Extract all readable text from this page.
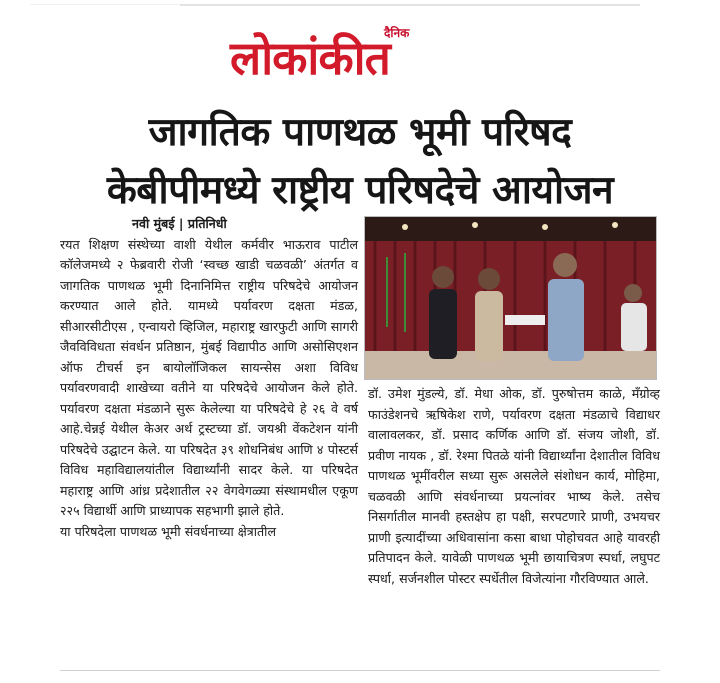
दैनिक
लोकांकीत
जागतिक पाणथळ भूमी परिषद
केबीपीमध्ये राष्ट्रीय परिषदेचे आयोजन
नवी मुंबई | प्रतिनिधी
रयत शिक्षण संस्थेच्या वाशी येथील कर्मवीर भाऊराव पाटील कॉलेजमध्ये २ फेब्रवारी रोजी ‘स्वच्छ खाडी चळवळी’ अंतर्गत व जागतिक पाणथळ भूमी दिनानिमित्त राष्ट्रीय परिषदेचे आयोजन करण्यात आले होते. यामध्ये पर्यावरण दक्षता मंडळ, सीआरसीटीएस , एन्वायरो व्हिजिल, महाराष्ट्र खारफुटी आणि सागरी जैवविविधता संवर्धन प्रतिष्ठान, मुंबई विद्यापीठ आणि असोसिएशन ऑफ टीचर्स इन बायोलॉजिकल सायन्सेस अशा विविध पर्यावरणवादी शाखेच्या वतीने या परिषदेचे आयोजन केले होते. पर्यावरण दक्षता मंडळाने सुरू केलेल्या या परिषदेचे हे २६ वे वर्ष आहे.चेन्नई येथील केअर अर्थ ट्रस्टच्या डॉ. जयश्री वेंकटेशन यांनी परिषदेचे उद्घाटन केले. या परिषदेत ३९ शोधनिबंध आणि ४ पोस्टर्स विविध महाविद्यालयांतील विद्यार्थ्यांनी सादर केले. या परिषदेत महाराष्ट्र आणि आंध्र प्रदेशातील २२ वेगवेगळ्या संस्थामधील एकूण २२५ विद्यार्थी आणि प्राध्यापक सहभागी झाले होते.
या परिषदेला पाणथळ भूमी संवर्धनाच्या क्षेत्रातील
डॉ. उमेश मुंडल्ये, डॉ. मेधा ओक, डॉ. पुरुषोत्तम काळे, मॅंग्रोव्ह फाउंडेशनचे ऋषिकेश राणे, पर्यावरण दक्षता मंडळाचे विद्याधर वालावलकर, डॉ. प्रसाद कर्णिक आणि डॉ. संजय जोशी, डॉ. प्रवीण नायक , डॉ. रेश्मा पितळे यांनी विद्यार्थ्यांना देशातील विविध पाणथळ भूमींवरील सध्या सुरू असलेले संशोधन कार्य, मोहिमा, चळवळी आणि संवर्धनाच्या प्रयत्नांवर भाष्य केले. तसेच निसर्गातील मानवी हस्तक्षेप हा पक्षी, सरपटणारे प्राणी, उभयचर प्राणी इत्यादींच्या अधिवासांना कसा बाधा पोहोचवत आहे यावरही प्रतिपादन केले. यावेळी पाणथळ भूमी छायाचित्रण स्पर्धा, लघुपट स्पर्धा, सर्जनशील पोस्टर स्पर्धेतील विजेत्यांना गौरविण्यात आले.
